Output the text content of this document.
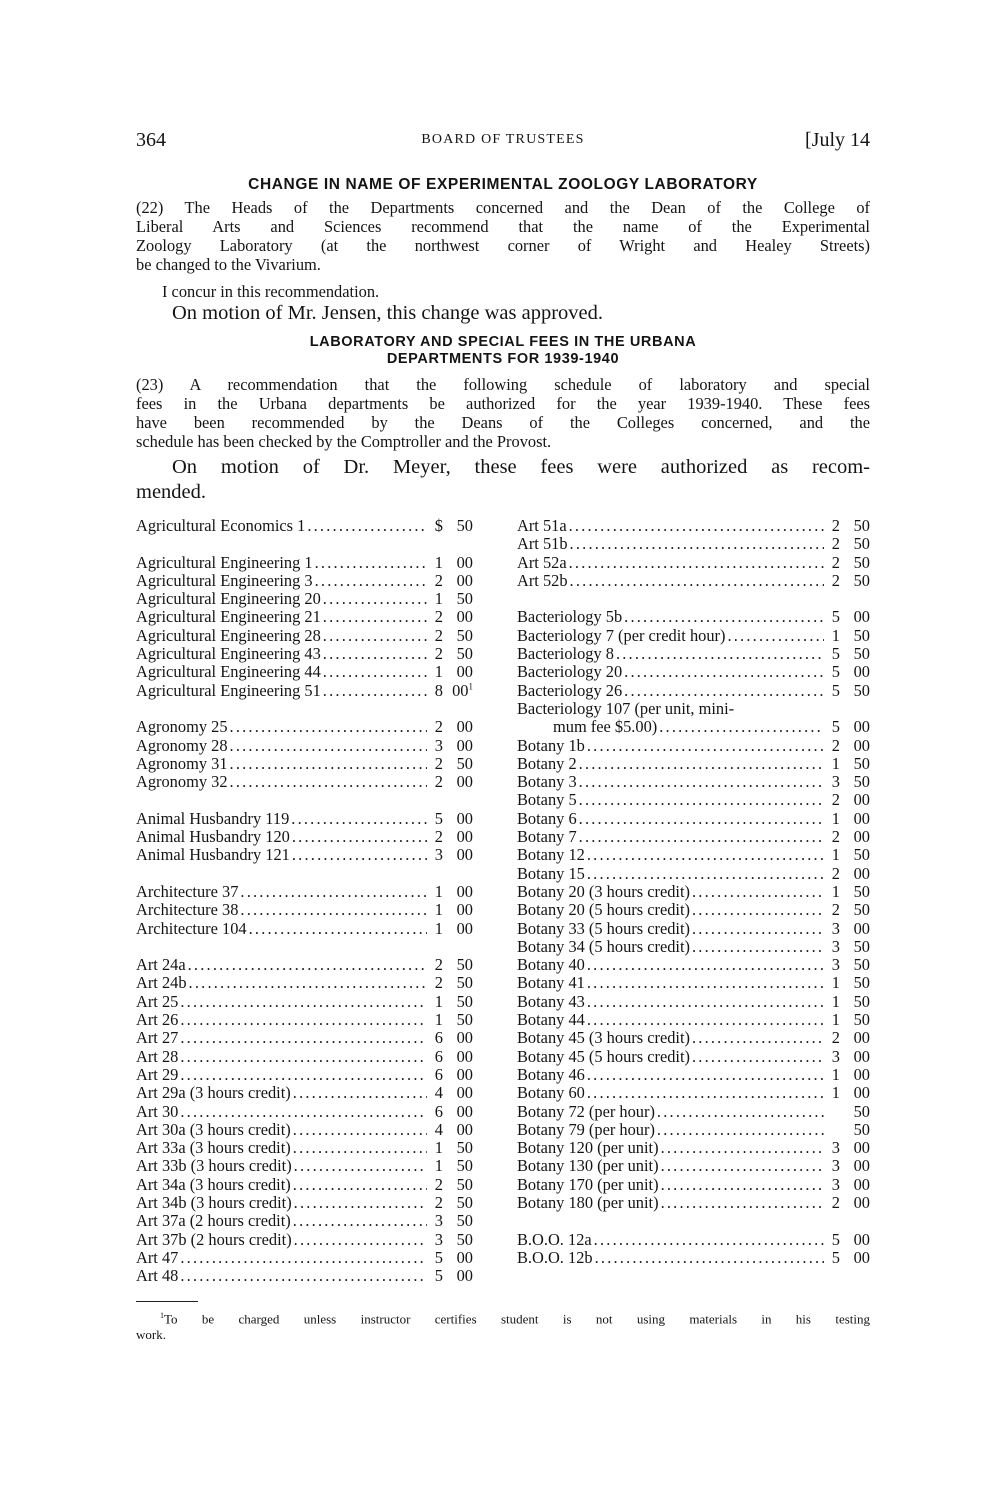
364	BOARD OF TRUSTEES	[July 14
CHANGE IN NAME OF EXPERIMENTAL ZOOLOGY LABORATORY
(22) The Heads of the Departments concerned and the Dean of the College of
Liberal Arts and Sciences recommend that the name of the Experimental
Zoology Laboratory (at the northwest corner of Wright and Healey Streets)
be changed to the Vivarium.
I concur in this recommendation.
On motion of Mr. Jensen, this change was approved.
LABORATORY AND SPECIAL FEES IN THE URBANA
DEPARTMENTS FOR 1939-1940
(23) A recommendation that the following schedule of laboratory and special
fees in the Urbana departments be authorized for the year 1939-1940. These fees
have been recommended by the Deans of the Colleges concerned, and the
schedule has been checked by the Comptroller and the Provost.
On motion of Dr. Meyer, these fees were authorized as recom-
mended.
Agricultural Economics 1 .....	$ 50
Agricultural Engineering 1 .....	1 00
Agricultural Engineering 3 .....	2 00
Agricultural Engineering 20 .....	1 50
Agricultural Engineering 21 .....	2 00
Agricultural Engineering 28 .....	2 50
Agricultural Engineering 43 .....	2 50
Agricultural Engineering 44 .....	1 00
Agricultural Engineering 51 .....	8 $00^1$
Agronomy 25 .....	2 00
Agronomy 28 .....	3 00
Agronomy 31 .....	2 50
Agronomy 32 .....	2 00
Animal Husbandry 119 .....	5 00
Animal Husbandry 120 .....	2 00
Animal Husbandry 121 .....	3 00
Architecture 37 .....	1 00
Architecture 38 .....	1 00
Architecture 104 .....	1 00
Art 24a .....	2 50
Art 24b .....	2 50
Art 25 .....	1 50
Art 26 .....	1 50
Art 27 .....	6 00
Art 28 .....	6 00
Art 29 .....	6 00
Art 29a (3 hours credit) .....	4 00
Art 30 .....	6 00
Art 30a (3 hours credit) .....	4 00
Art 33a (3 hours credit) .....	1 50
Art 33b (3 hours credit) .....	1 50
Art 34a (3 hours credit) .....	2 50
Art 34b (3 hours credit) .....	2 50
Art 37a (2 hours credit) .....	3 50
Art 37b (2 hours credit) .....	3 50
Art 47 .....	5 00
Art 48 .....	5 00
Art 51a .....	2 50
Art 51b .....	2 50
Art 52a .....	2 50
Art 52b .....	2 50
Bacteriology 5b .....	5 00
Bacteriology 7 (per credit hour) .....	1 50
Bacteriology 8 .....	5 50
Bacteriology 20 .....	5 00
Bacteriology 26 .....	5 50
Bacteriology 107 (per unit, mini-
mum fee $5.00) .....	5 00
Botany 1b .....	2 00
Botany 2 .....	1 50
Botany 3 .....	3 50
Botany 5 .....	2 00
Botany 6 .....	1 00
Botany 7 .....	2 00
Botany 12 .....	1 50
Botany 15 .....	2 00
Botany 20 (3 hours credit) .....	1 50
Botany 20 (5 hours credit) .....	2 50
Botany 33 (5 hours credit) .....	3 00
Botany 34 (5 hours credit) .....	3 50
Botany 40 .....	3 50
Botany 41 .....	1 50
Botany 43 .....	1 50
Botany 44 .....	1 50
Botany 45 (3 hours credit) .....	2 00
Botany 45 (5 hours credit) .....	3 00
Botany 46 .....	1 00
Botany 60 .....	1 00
Botany 72 (per hour) .....	50
Botany 79 (per hour) .....	50
Botany 120 (per unit) .....	3 00
Botany 130 (per unit) .....	3 00
Botany 170 (per unit) .....	3 00
Botany 180 (per unit) .....	2 00
B.O.O. 12a .....	5 00
B.O.O. 12b .....	5 00
$^1$To be charged unless instructor certifies student is not using materials in his testing
work.
